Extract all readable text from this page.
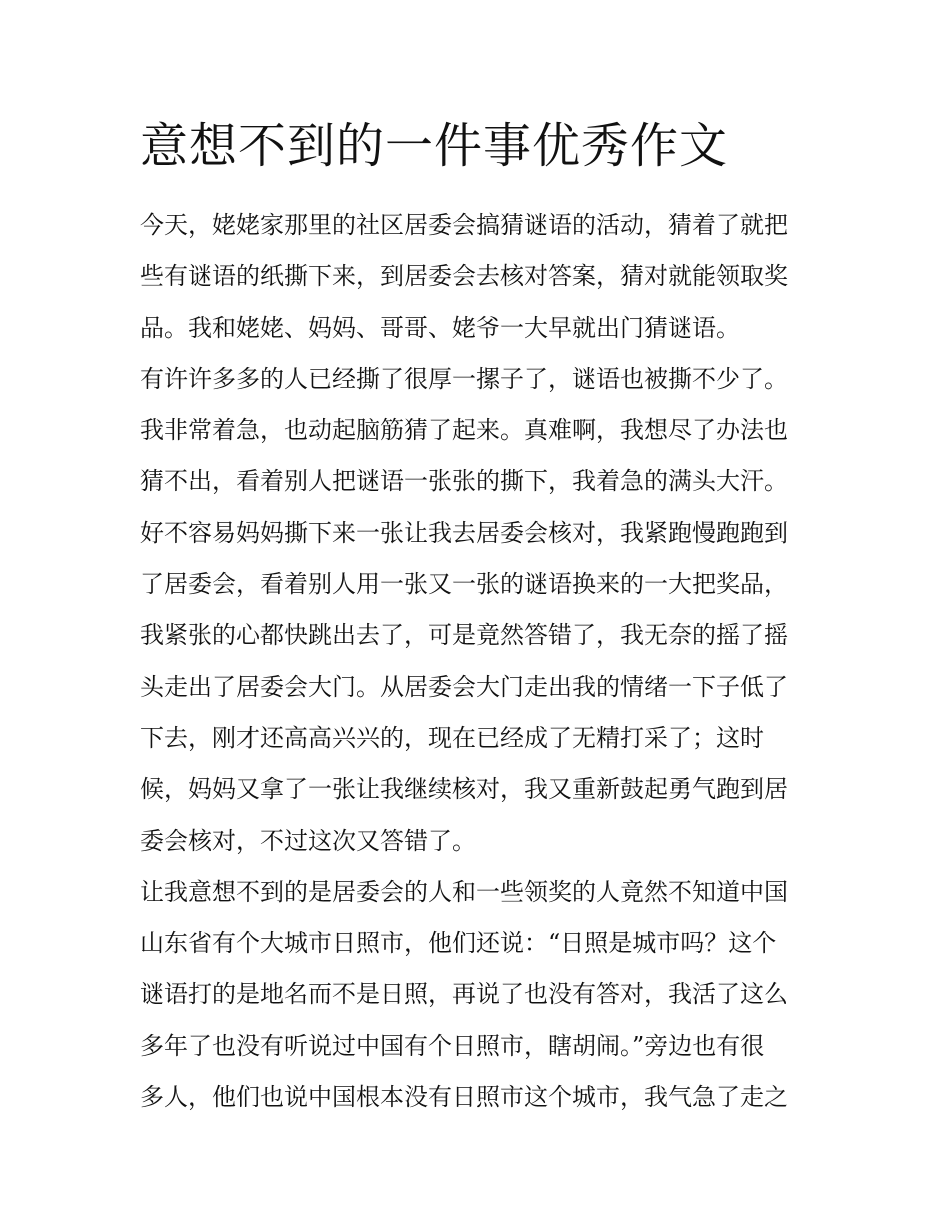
意想不到的一件事优秀作文
今天，姥姥家那里的社区居委会搞猜谜语的活动，猜着了就把
些有谜语的纸撕下来，到居委会去核对答案，猜对就能领取奖
品。我和姥姥、妈妈、哥哥、姥爷一大早就出门猜谜语。
有许许多多的人已经撕了很厚一摞子了，谜语也被撕不少了。
我非常着急，也动起脑筋猜了起来。真难啊，我想尽了办法也
猜不出，看着别人把谜语一张张的撕下，我着急的满头大汗。
好不容易妈妈撕下来一张让我去居委会核对，我紧跑慢跑跑到
了居委会，看着别人用一张又一张的谜语换来的一大把奖品，
我紧张的心都快跳出去了，可是竟然答错了，我无奈的摇了摇
头走出了居委会大门。从居委会大门走出我的情绪一下子低了
下去，刚才还高高兴兴的，现在已经成了无精打采了；这时
候，妈妈又拿了一张让我继续核对，我又重新鼓起勇气跑到居
委会核对，不过这次又答错了。
让我意想不到的是居委会的人和一些领奖的人竟然不知道中国
山东省有个大城市日照市，他们还说：“日照是城市吗？这个
谜语打的是地名而不是日照，再说了也没有答对，我活了这么
多年了也没有听说过中国有个日照市，瞎胡闹。”旁边也有很
多人，他们也说中国根本没有日照市这个城市，我气急了走之
